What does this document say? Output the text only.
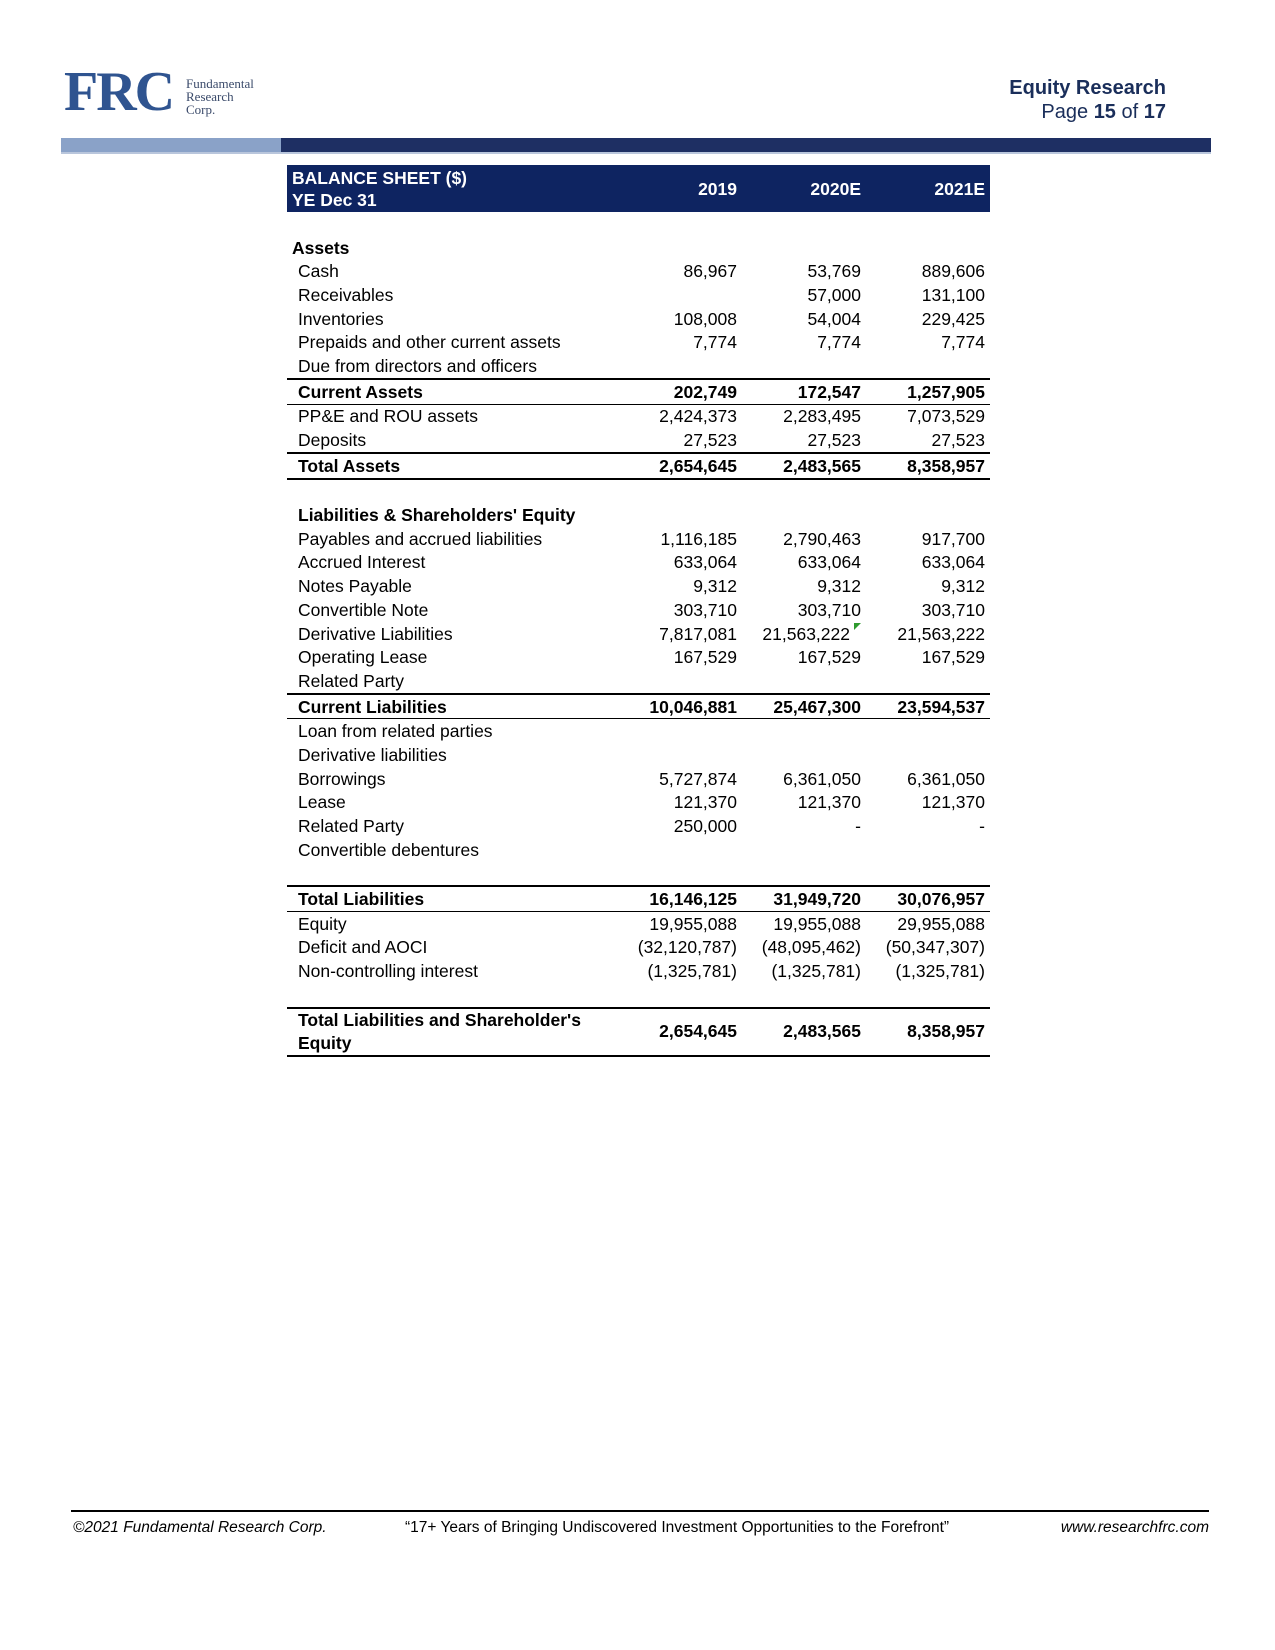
FRC Fundamental
Research
Corp.
Equity Research
Page 15 of 17
BALANCE SHEET ($)
YE Dec 31	2019	2020E	2021E

Assets			
Cash	86,967	53,769	889,606
Receivables		57,000	131,100
Inventories	108,008	54,004	229,425
Prepaids and other current assets	7,774	7,774	7,774
Due from directors and officers			
Current Assets	202,749	172,547	1,257,905
PP&E and ROU assets	2,424,373	2,283,495	7,073,529
Deposits	27,523	27,523	27,523
Total Assets	2,654,645	2,483,565	8,358,957

Liabilities & Shareholders' Equity			
Payables and accrued liabilities	1,116,185	2,790,463	917,700
Accrued Interest	633,064	633,064	633,064
Notes Payable	9,312	9,312	9,312
Convertible Note	303,710	303,710	303,710
Derivative Liabilities	7,817,081	21,563,222	21,563,222
Operating Lease	167,529	167,529	167,529
Related Party			
Current Liabilities	10,046,881	25,467,300	23,594,537
Loan from related parties			
Derivative liabilities			
Borrowings	5,727,874	6,361,050	6,361,050
Lease	121,370	121,370	121,370
Related Party	250,000	-	-
Convertible debentures			

Total Liabilities	16,146,125	31,949,720	30,076,957
Equity	19,955,088	19,955,088	29,955,088
Deficit and AOCI	(32,120,787)	(48,095,462)	(50,347,307)
Non-controlling interest	(1,325,781)	(1,325,781)	(1,325,781)

Total Liabilities and Shareholder's Equity	2,654,645	2,483,565	8,358,957
©2021 Fundamental Research Corp.	“17+ Years of Bringing Undiscovered Investment Opportunities to the Forefront”	www.researchfrc.com
